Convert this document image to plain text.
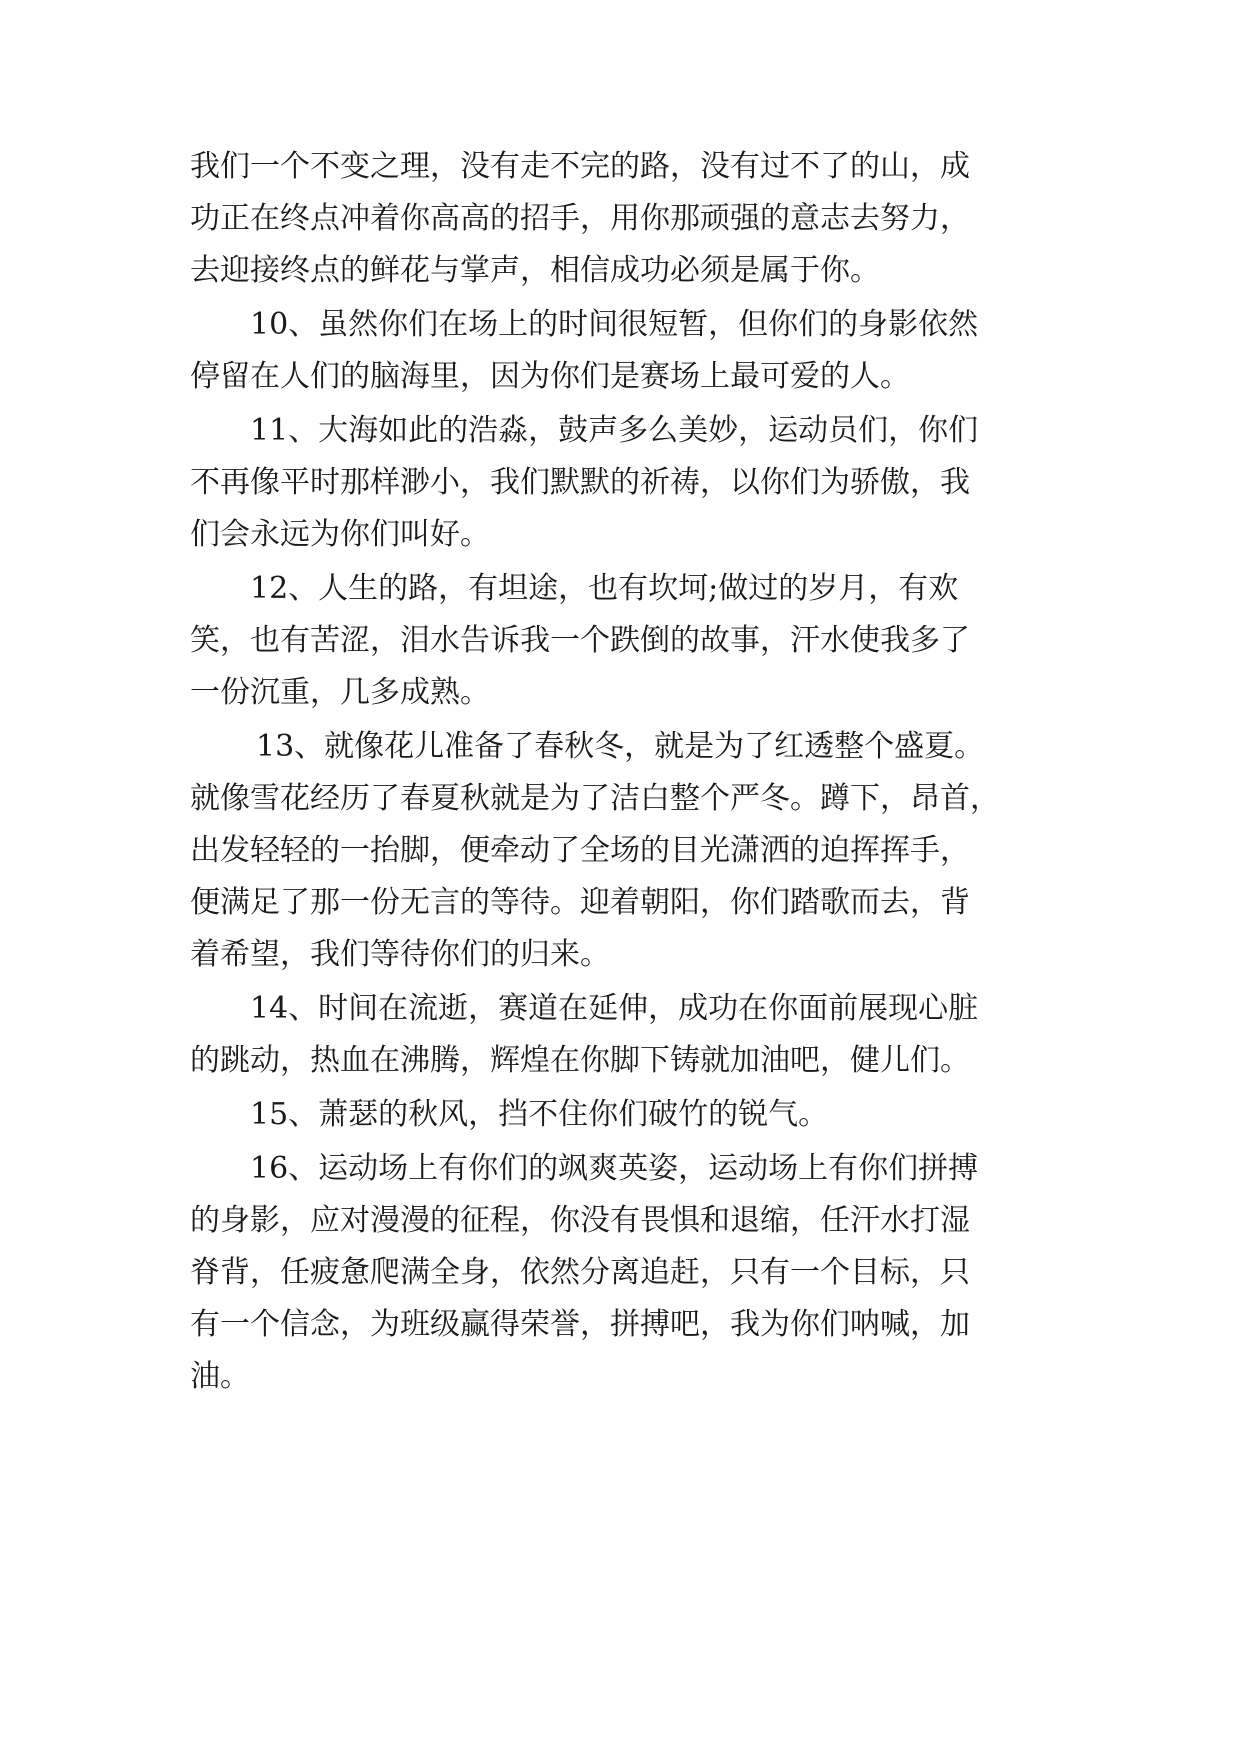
我们一个不变之理，没有走不完的路，没有过不了的山，成
功正在终点冲着你高高的招手，用你那顽强的意志去努力，
去迎接终点的鲜花与掌声，相信成功必须是属于你。
10、虽然你们在场上的时间很短暂，但你们的身影依然
停留在人们的脑海里，因为你们是赛场上最可爱的人。
11、大海如此的浩淼，鼓声多么美妙，运动员们，你们
不再像平时那样渺小，我们默默的祈祷，以你们为骄傲，我
们会永远为你们叫好。
12、人生的路，有坦途，也有坎坷;做过的岁月，有欢
笑，也有苦涩，泪水告诉我一个跌倒的故事，汗水使我多了
一份沉重，几多成熟。
13、就像花儿准备了春秋冬，就是为了红透整个盛夏。
就像雪花经历了春夏秋就是为了洁白整个严冬。蹲下，昂首，
出发轻轻的一抬脚，便牵动了全场的目光潇洒的迫挥挥手，
便满足了那一份无言的等待。迎着朝阳，你们踏歌而去，背
着希望，我们等待你们的归来。
14、时间在流逝，赛道在延伸，成功在你面前展现心脏
的跳动，热血在沸腾，辉煌在你脚下铸就加油吧，健儿们。
15、萧瑟的秋风，挡不住你们破竹的锐气。
16、运动场上有你们的飒爽英姿，运动场上有你们拼搏
的身影，应对漫漫的征程，你没有畏惧和退缩，任汗水打湿
脊背，任疲惫爬满全身，依然分离追赶，只有一个目标，只
有一个信念，为班级赢得荣誉，拼搏吧，我为你们呐喊，加
油。
